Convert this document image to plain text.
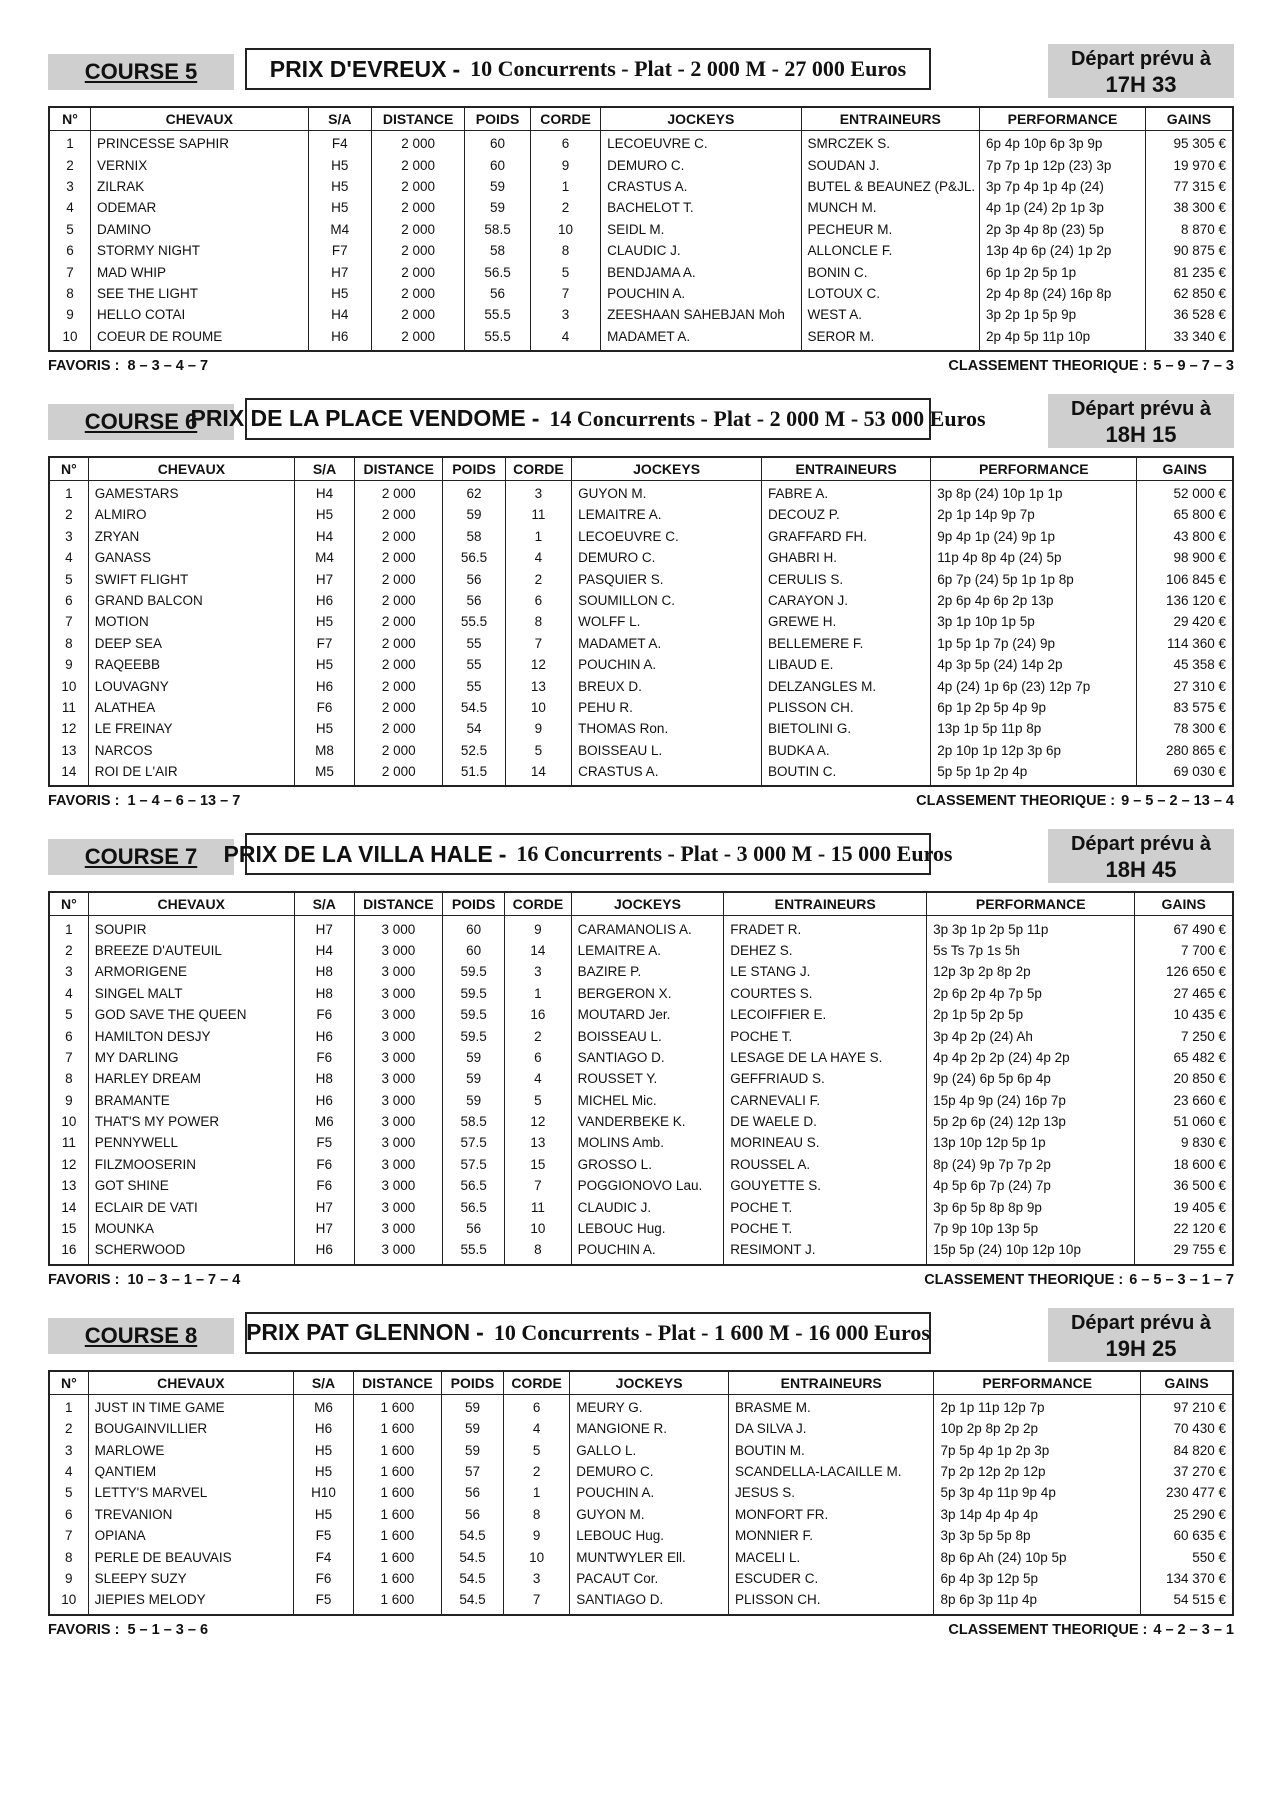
COURSE 5	PRIX D'EVREUX - 10 Concurrents - Plat - 2 000 M - 27 000 Euros	Départ prévu à
17H 33
N°	CHEVAUX	S/A	DISTANCE	POIDS	CORDE	JOCKEYS	ENTRAINEURS	PERFORMANCE	GAINS
1	PRINCESSE SAPHIR	F4	2 000	60	6	LECOEUVRE C.	SMRCZEK S.	6p 4p 10p 6p 3p 9p	95 305 €
2	VERNIX	H5	2 000	60	9	DEMURO C.	SOUDAN J.	7p 7p 1p 12p (23) 3p	19 970 €
3	ZILRAK	H5	2 000	59	1	CRASTUS A.	BUTEL & BEAUNEZ (P&JL.	3p 7p 4p 1p 4p (24)	77 315 €
4	ODEMAR	H5	2 000	59	2	BACHELOT T.	MUNCH M.	4p 1p (24) 2p 1p 3p	38 300 €
5	DAMINO	M4	2 000	58.5	10	SEIDL M.	PECHEUR M.	2p 3p 4p 8p (23) 5p	8 870 €
6	STORMY NIGHT	F7	2 000	58	8	CLAUDIC J.	ALLONCLE F.	13p 4p 6p (24) 1p 2p	90 875 €
7	MAD WHIP	H7	2 000	56.5	5	BENDJAMA A.	BONIN C.	6p 1p 2p 5p 1p	81 235 €
8	SEE THE LIGHT	H5	2 000	56	7	POUCHIN A.	LOTOUX C.	2p 4p 8p (24) 16p 8p	62 850 €
9	HELLO COTAI	H4	2 000	55.5	3	ZEESHAAN SAHEBJAN Moh	WEST A.	3p 2p 1p 5p 9p	36 528 €
10	COEUR DE ROUME	H6	2 000	55.5	4	MADAMET A.	SEROR M.	2p 4p 5p 11p 10p	33 340 €
FAVORIS : 8 – 3 – 4 – 7	CLASSEMENT THEORIQUE : 5 – 9 – 7 – 3
COURSE 6
PRIX DE LA PLACE VENDOME - 14 Concurrents - Plat - 2 000 M - 53 000 Euros	Départ prévu à
18H 15
N°	CHEVAUX	S/A	DISTANCE	POIDS	CORDE	JOCKEYS	ENTRAINEURS	PERFORMANCE	GAINS
1	GAMESTARS	H4	2 000	62	3	GUYON M.	FABRE A.	3p 8p (24) 10p 1p 1p	52 000 €
2	ALMIRO	H5	2 000	59	11	LEMAITRE A.	DECOUZ P.	2p 1p 14p 9p 7p	65 800 €
3	ZRYAN	H4	2 000	58	1	LECOEUVRE C.	GRAFFARD FH.	9p 4p 1p (24) 9p 1p	43 800 €
4	GANASS	M4	2 000	56.5	4	DEMURO C.	GHABRI H.	11p 4p 8p 4p (24) 5p	98 900 €
5	SWIFT FLIGHT	H7	2 000	56	2	PASQUIER S.	CERULIS S.	6p 7p (24) 5p 1p 1p 8p	106 845 €
6	GRAND BALCON	H6	2 000	56	6	SOUMILLON C.	CARAYON J.	2p 6p 4p 6p 2p 13p	136 120 €
7	MOTION	H5	2 000	55.5	8	WOLFF L.	GREWE H.	3p 1p 10p 1p 5p	29 420 €
8	DEEP SEA	F7	2 000	55	7	MADAMET A.	BELLEMERE F.	1p 5p 1p 7p (24) 9p	114 360 €
9	RAQEEBB	H5	2 000	55	12	POUCHIN A.	LIBAUD E.	4p 3p 5p (24) 14p 2p	45 358 €
10	LOUVAGNY	H6	2 000	55	13	BREUX D.	DELZANGLES M.	4p (24) 1p 6p (23) 12p 7p	27 310 €
11	ALATHEA	F6	2 000	54.5	10	PEHU R.	PLISSON CH.	6p 1p 2p 5p 4p 9p	83 575 €
12	LE FREINAY	H5	2 000	54	9	THOMAS Ron.	BIETOLINI G.	13p 1p 5p 11p 8p	78 300 €
13	NARCOS	M8	2 000	52.5	5	BOISSEAU L.	BUDKA A.	2p 10p 1p 12p 3p 6p	280 865 €
14	ROI DE L'AIR	M5	2 000	51.5	14	CRASTUS A.	BOUTIN C.	5p 5p 1p 2p 4p	69 030 €
FAVORIS : 1 – 4 – 6 – 13 – 7	CLASSEMENT THEORIQUE : 9 – 5 – 2 – 13 – 4
COURSE 7	PRIX DE LA VILLA HALE - 16 Concurrents - Plat - 3 000 M - 15 000 Euros	Départ prévu à
18H 45
N°	CHEVAUX	S/A	DISTANCE	POIDS	CORDE	JOCKEYS	ENTRAINEURS	PERFORMANCE	GAINS
1	SOUPIR	H7	3 000	60	9	CARAMANOLIS A.	FRADET R.	3p 3p 1p 2p 5p 11p	67 490 €
2	BREEZE D'AUTEUIL	H4	3 000	60	14	LEMAITRE A.	DEHEZ S.	5s Ts 7p 1s 5h	7 700 €
3	ARMORIGENE	H8	3 000	59.5	3	BAZIRE P.	LE STANG J.	12p 3p 2p 8p 2p	126 650 €
4	SINGEL MALT	H8	3 000	59.5	1	BERGERON X.	COURTES S.	2p 6p 2p 4p 7p 5p	27 465 €
5	GOD SAVE THE QUEEN	F6	3 000	59.5	16	MOUTARD Jer.	LECOIFFIER E.	2p 1p 5p 2p 5p	10 435 €
6	HAMILTON DESJY	H6	3 000	59.5	2	BOISSEAU L.	POCHE T.	3p 4p 2p (24) Ah	7 250 €
7	MY DARLING	F6	3 000	59	6	SANTIAGO D.	LESAGE DE LA HAYE S.	4p 4p 2p 2p (24) 4p 2p	65 482 €
8	HARLEY DREAM	H8	3 000	59	4	ROUSSET Y.	GEFFRIAUD S.	9p (24) 6p 5p 6p 4p	20 850 €
9	BRAMANTE	H6	3 000	59	5	MICHEL Mic.	CARNEVALI F.	15p 4p 9p (24) 16p 7p	23 660 €
10	THAT'S MY POWER	M6	3 000	58.5	12	VANDERBEKE K.	DE WAELE D.	5p 2p 6p (24) 12p 13p	51 060 €
11	PENNYWELL	F5	3 000	57.5	13	MOLINS Amb.	MORINEAU S.	13p 10p 12p 5p 1p	9 830 €
12	FILZMOOSERIN	F6	3 000	57.5	15	GROSSO L.	ROUSSEL A.	8p (24) 9p 7p 7p 2p	18 600 €
13	GOT SHINE	F6	3 000	56.5	7	POGGIONOVO Lau.	GOUYETTE S.	4p 5p 6p 7p (24) 7p	36 500 €
14	ECLAIR DE VATI	H7	3 000	56.5	11	CLAUDIC J.	POCHE T.	3p 6p 5p 8p 8p 9p	19 405 €
15	MOUNKA	H7	3 000	56	10	LEBOUC Hug.	POCHE T.	7p 9p 10p 13p 5p	22 120 €
16	SCHERWOOD	H6	3 000	55.5	8	POUCHIN A.	RESIMONT J.	15p 5p (24) 10p 12p 10p	29 755 €
FAVORIS : 10 – 3 – 1 – 7 – 4	CLASSEMENT THEORIQUE : 6 – 5 – 3 – 1 – 7
COURSE 8	PRIX PAT GLENNON - 10 Concurrents - Plat - 1 600 M - 16 000 Euros	Départ prévu à
19H 25
N°	CHEVAUX	S/A	DISTANCE	POIDS	CORDE	JOCKEYS	ENTRAINEURS	PERFORMANCE	GAINS
1	JUST IN TIME GAME	M6	1 600	59	6	MEURY G.	BRASME M.	2p 1p 11p 12p 7p	97 210 €
2	BOUGAINVILLIER	H6	1 600	59	4	MANGIONE R.	DA SILVA J.	10p 2p 8p 2p 2p	70 430 €
3	MARLOWE	H5	1 600	59	5	GALLO L.	BOUTIN M.	7p 5p 4p 1p 2p 3p	84 820 €
4	QANTIEM	H5	1 600	57	2	DEMURO C.	SCANDELLA-LACAILLE M.	7p 2p 12p 2p 12p	37 270 €
5	LETTY'S MARVEL	H10	1 600	56	1	POUCHIN A.	JESUS S.	5p 3p 4p 11p 9p 4p	230 477 €
6	TREVANION	H5	1 600	56	8	GUYON M.	MONFORT FR.	3p 14p 4p 4p 4p	25 290 €
7	OPIANA	F5	1 600	54.5	9	LEBOUC Hug.	MONNIER F.	3p 3p 5p 5p 8p	60 635 €
8	PERLE DE BEAUVAIS	F4	1 600	54.5	10	MUNTWYLER Ell.	MACELI L.	8p 6p Ah (24) 10p 5p	550 €
9	SLEEPY SUZY	F6	1 600	54.5	3	PACAUT Cor.	ESCUDER C.	6p 4p 3p 12p 5p	134 370 €
10	JIEPIES MELODY	F5	1 600	54.5	7	SANTIAGO D.	PLISSON CH.	8p 6p 3p 11p 4p	54 515 €
FAVORIS : 5 – 1 – 3 – 6	CLASSEMENT THEORIQUE : 4 – 2 – 3 – 1
